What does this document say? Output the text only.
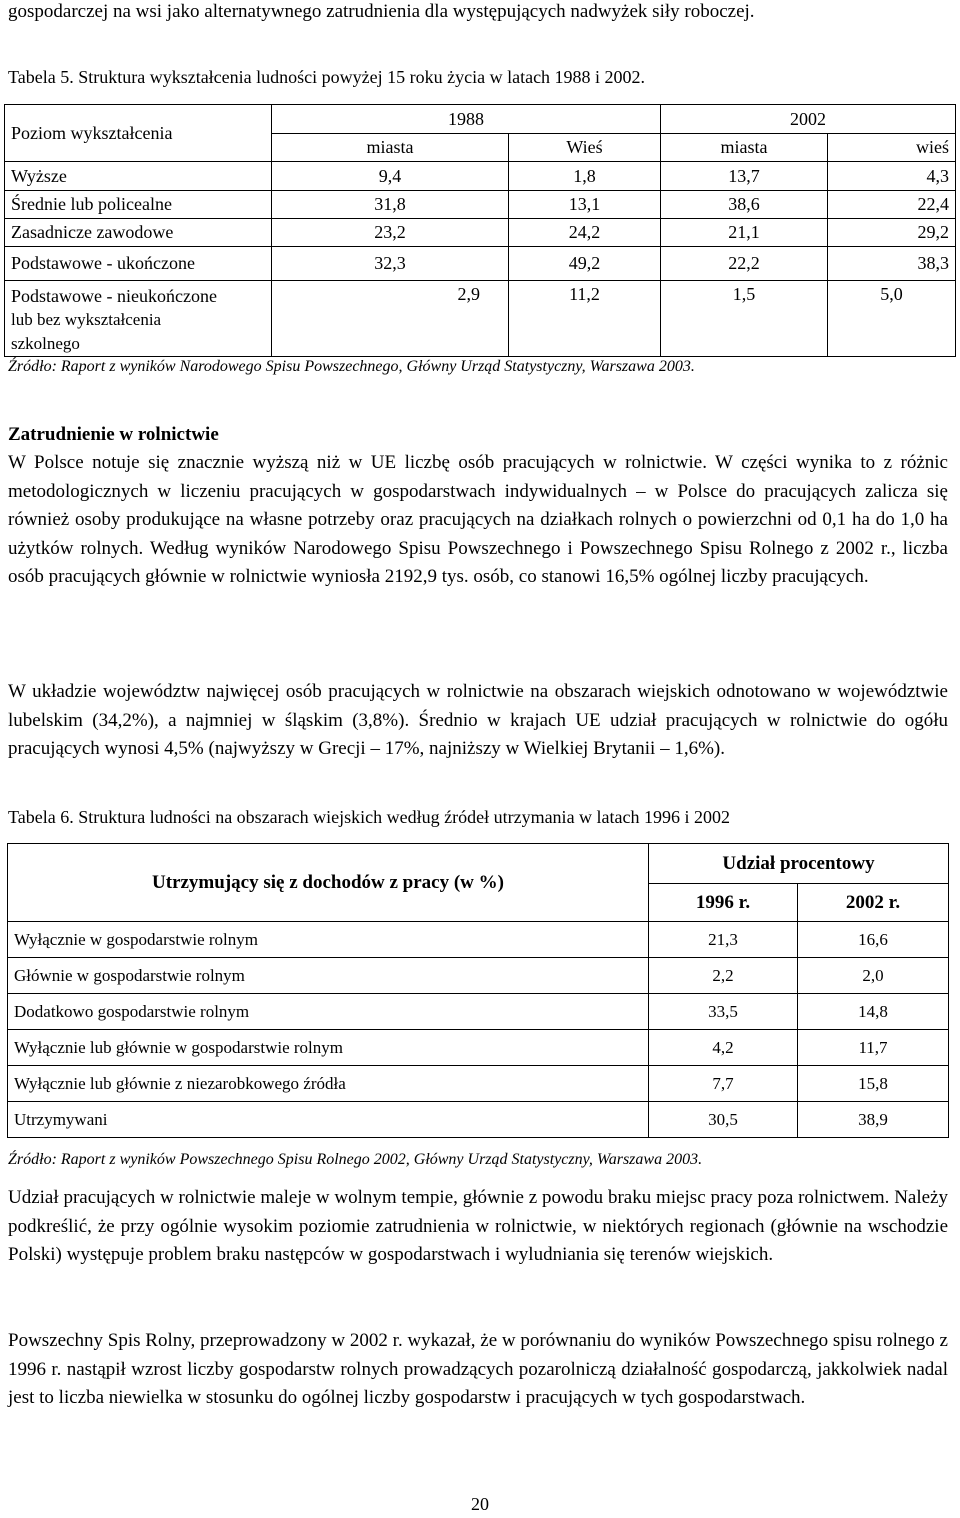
gospodarczej na wsi jako alternatywnego zatrudnienia dla występujących nadwyżek siły roboczej.
Tabela 5. Struktura wykształcenia ludności powyżej 15 roku życia w latach 1988 i 2002.
Poziom wykształcenia	1988		2002	
	miasta	Wieś	miasta	wieś
Wyższe	9,4	1,8	13,7	4,3
Średnie lub policealne	31,8	13,1	38,6	22,4
Zasadnicze zawodowe	23,2	24,2	21,1	29,2
Podstawowe - ukończone	32,3	49,2	22,2	38,3

Podstawowe - nieukończone
lub bez wykształcenia
szkolnego	2,9	11,2	1,5	5,0
Źródło: Raport z wyników Narodowego Spisu Powszechnego, Główny Urząd Statystyczny, Warszawa 2003.
Zatrudnienie w rolnictwie
W Polsce notuje się znacznie wyższą niż w UE liczbę osób pracujących w rolnictwie. W części wynika to z różnic metodologicznych w liczeniu pracujących w gospodarstwach indywidualnych – w Polsce do pracujących zalicza się również osoby produkujące na własne potrzeby oraz pracujących na działkach rolnych o powierzchni od 0,1 ha do 1,0 ha użytków rolnych. Według wyników Narodowego Spisu Powszechnego i Powszechnego Spisu Rolnego z 2002 r., liczba osób pracujących głównie w rolnictwie wyniosła 2192,9 tys. osób, co stanowi 16,5% ogólnej liczby pracujących.
W układzie województw najwięcej osób pracujących w rolnictwie na obszarach wiejskich odnotowano w województwie lubelskim (34,2%), a najmniej w śląskim (3,8%). Średnio w krajach UE udział pracujących w rolnictwie do ogółu pracujących wynosi 4,5% (najwyższy w Grecji – 17%, najniższy w Wielkiej Brytanii – 1,6%).
Tabela 6. Struktura ludności na obszarach wiejskich według źródeł utrzymania w latach 1996 i 2002
Utrzymujący się z dochodów z pracy (w %)	Udział procentowy	
	1996 r.	2002 r.
Wyłącznie w gospodarstwie rolnym	21,3	16,6
Głównie w gospodarstwie rolnym	2,2	2,0
Dodatkowo gospodarstwie rolnym	33,5	14,8
Wyłącznie lub głównie w gospodarstwie rolnym	4,2	11,7
Wyłącznie lub głównie z niezarobkowego źródła	7,7	15,8
Utrzymywani	30,5	38,9
Źródło: Raport z wyników Powszechnego Spisu Rolnego 2002, Główny Urząd Statystyczny, Warszawa 2003.
Udział pracujących w rolnictwie maleje w wolnym tempie, głównie z powodu braku miejsc pracy poza rolnictwem. Należy podkreślić, że przy ogólnie wysokim poziomie zatrudnienia w rolnictwie, w niektórych regionach (głównie na wschodzie Polski) występuje problem braku następców w gospodarstwach i wyludniania się terenów wiejskich.
Powszechny Spis Rolny, przeprowadzony w 2002 r. wykazał, że w porównaniu do wyników Powszechnego spisu rolnego z 1996 r. nastąpił wzrost liczby gospodarstw rolnych prowadzących pozarolniczą działalność gospodarczą, jakkolwiek nadal jest to liczba niewielka w stosunku do ogólnej liczby gospodarstw i pracujących w tych gospodarstwach.
20
